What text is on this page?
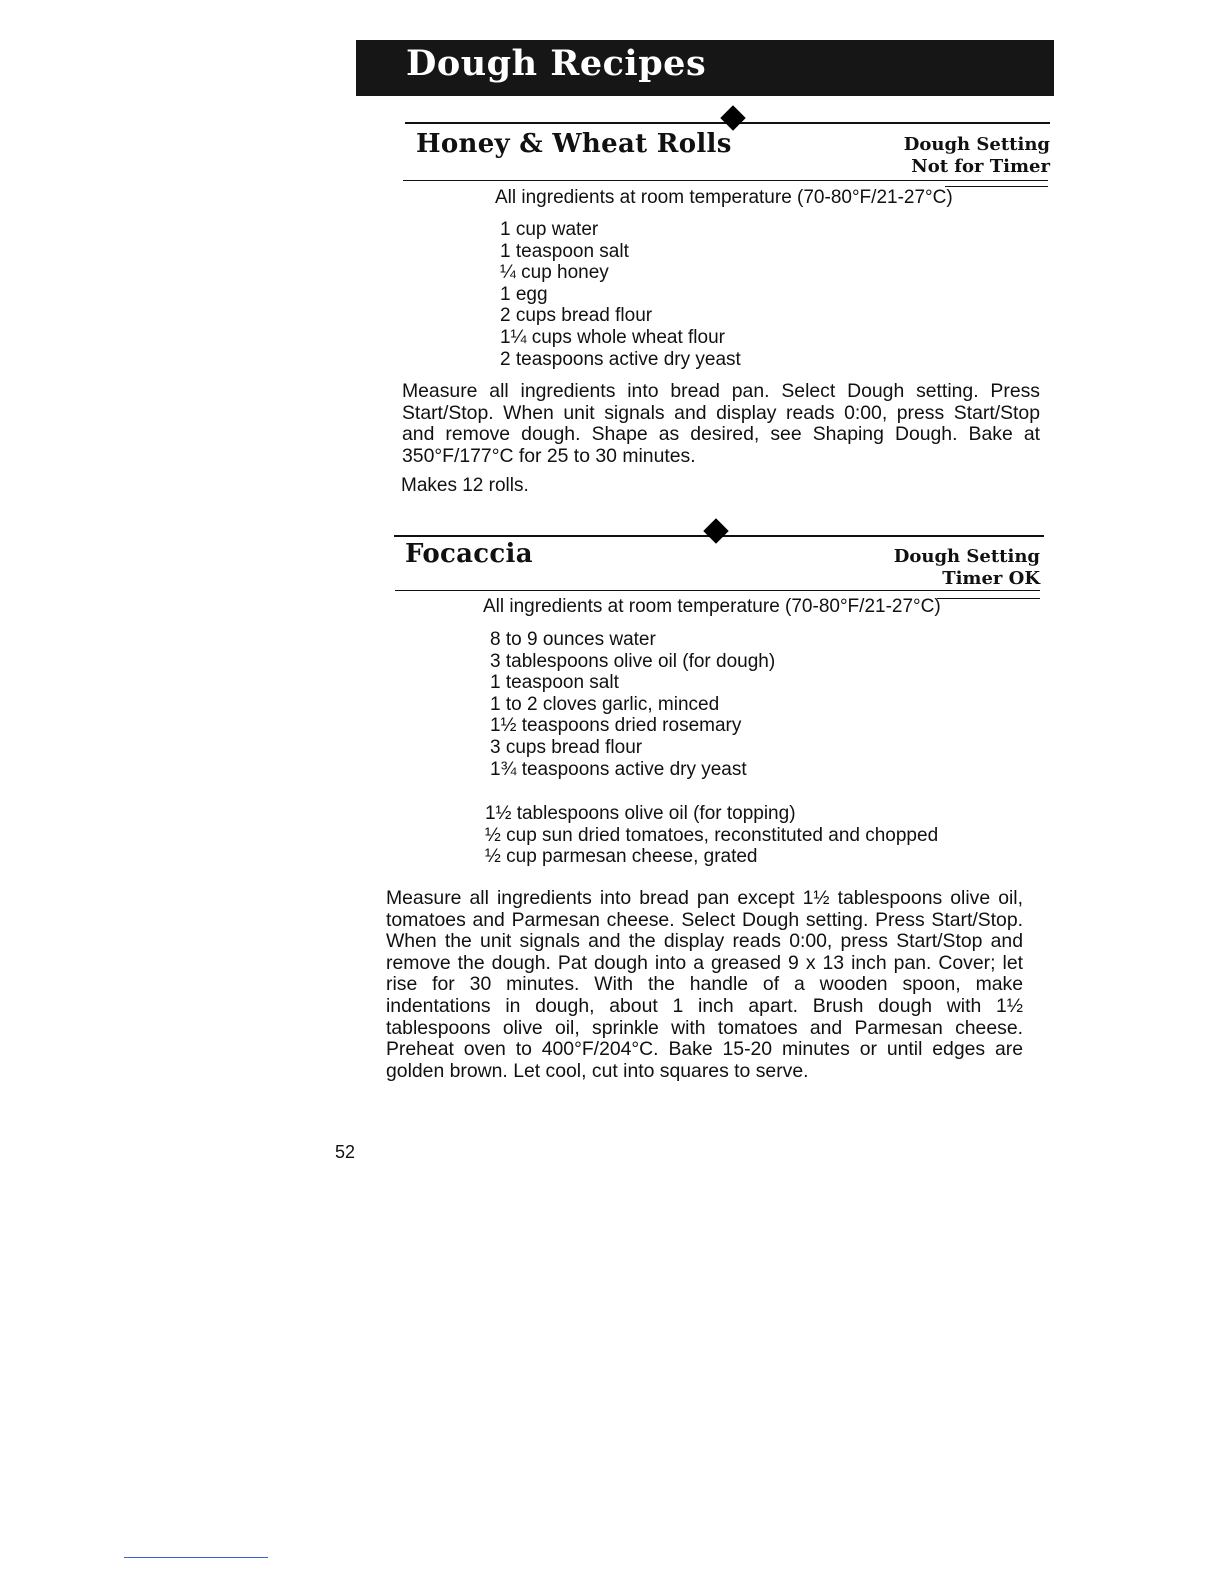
Dough Recipes
Honey & Wheat Rolls	Dough Setting
Not for Timer
All ingredients at room temperature (70-80°F/21-27°C)
1 cup water
1 teaspoon salt
¼ cup honey
1 egg
2 cups bread flour
1¼ cups whole wheat flour
2 teaspoons active dry yeast
Measure all ingredients into bread pan. Select Dough setting. Press Start/Stop. When unit signals and display reads 0:00, press Start/Stop and remove dough. Shape as desired, see Shaping Dough. Bake at 350°F/177°C for 25 to 30 minutes.
Makes 12 rolls.
Focaccia	Dough Setting
Timer OK
All ingredients at room temperature (70-80°F/21-27°C)
8 to 9 ounces water
3 tablespoons olive oil (for dough)
1 teaspoon salt
1 to 2 cloves garlic, minced
1½ teaspoons dried rosemary
3 cups bread flour
1¾ teaspoons active dry yeast
1½ tablespoons olive oil (for topping)
½ cup sun dried tomatoes, reconstituted and chopped
½ cup parmesan cheese, grated
Measure all ingredients into bread pan except 1½ tablespoons olive oil, tomatoes and Parmesan cheese. Select Dough setting. Press Start/Stop. When the unit signals and the display reads 0:00, press Start/Stop and remove the dough. Pat dough into a greased 9 x 13 inch pan. Cover; let rise for 30 minutes. With the handle of a wooden spoon, make indentations in dough, about 1 inch apart. Brush dough with 1½ tablespoons olive oil, sprinkle with tomatoes and Parmesan cheese. Preheat oven to 400°F/204°C. Bake 15-20 minutes or until edges are golden brown. Let cool, cut into squares to serve.
52
